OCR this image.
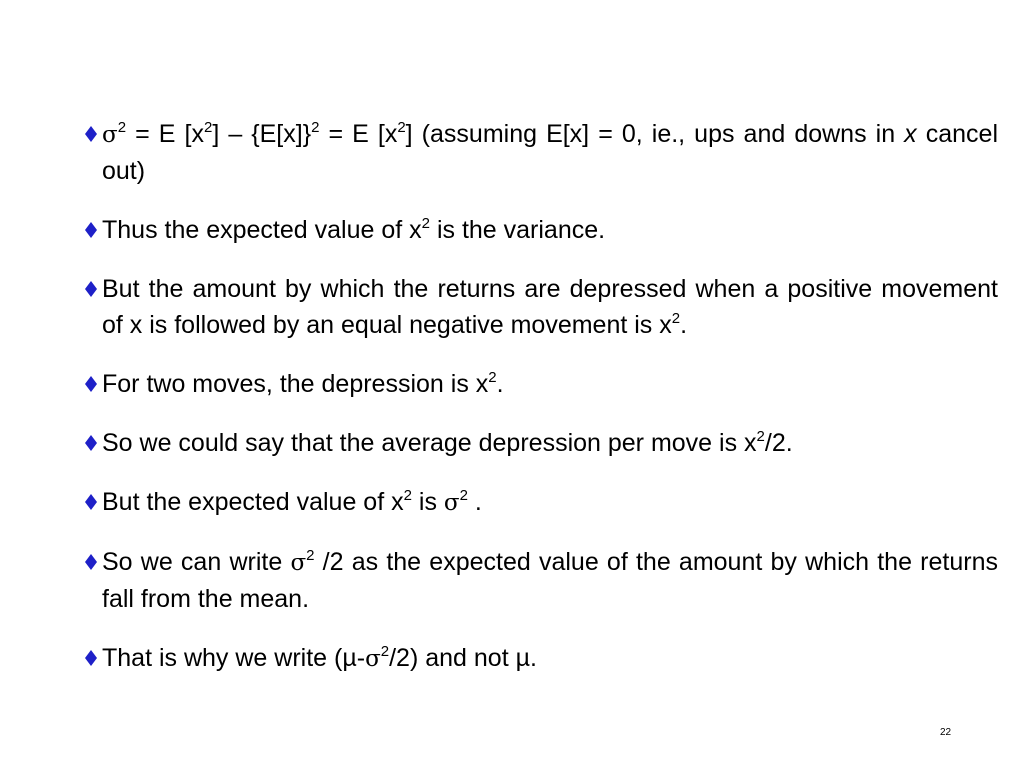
$\sigma^2 = E$ $[x^2] - \{E[x]\}^2 = E$ $[x^2]$ (assuming E[x] = 0, ie., ups and downs in x cancel out)
Thus the expected value of $x^2$ is the variance.
But the amount by which the returns are depressed when a positive movement of x is followed by an equal negative movement is $x^2$.
For two moves, the depression is $x^2$.
So we could say that the average depression per move is $x^2/2$.
But the expected value of $x^2$ is $\sigma^2$ .
So we can write $\sigma^2$ /2 as the expected value of the amount by which the returns fall from the mean.
That is why we write $(\mu-\sigma^2/2)$ and not µ.
22
